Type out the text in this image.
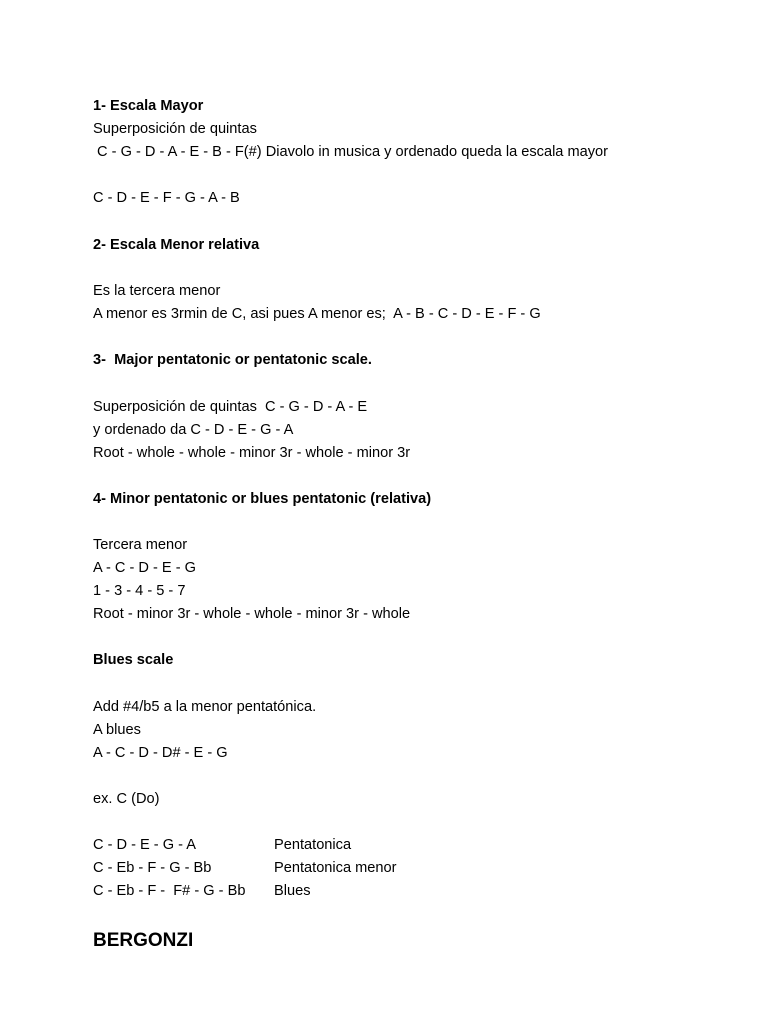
1- Escala Mayor
Superposición de quintas
C - G - D - A - E - B - F(#) Diavolo in musica y ordenado queda la escala mayor
C - D - E - F - G - A - B
2- Escala Menor relativa
Es la tercera menor
A menor es 3rmin de C, asi pues A menor es;  A - B - C - D - E - F - G
3-  Major pentatonic or pentatonic scale.
Superposición de quintas  C - G - D - A - E
y ordenado da C - D - E - G - A
Root - whole - whole - minor 3r - whole - minor 3r
4- Minor pentatonic or blues pentatonic (relativa)
Tercera menor
A - C - D - E - G
1 - 3 - 4 - 5 - 7
Root - minor 3r - whole - whole - minor 3r - whole
Blues scale
Add #4/b5 a la menor pentatónica.
A blues
A - C - D - D# - E - G
ex. C (Do)
C - D - E - G - A	Pentatonica
C - Eb - F - G - Bb	Pentatonica menor
C - Eb - F -  F# - G - Bb Blues
BERGONZI
